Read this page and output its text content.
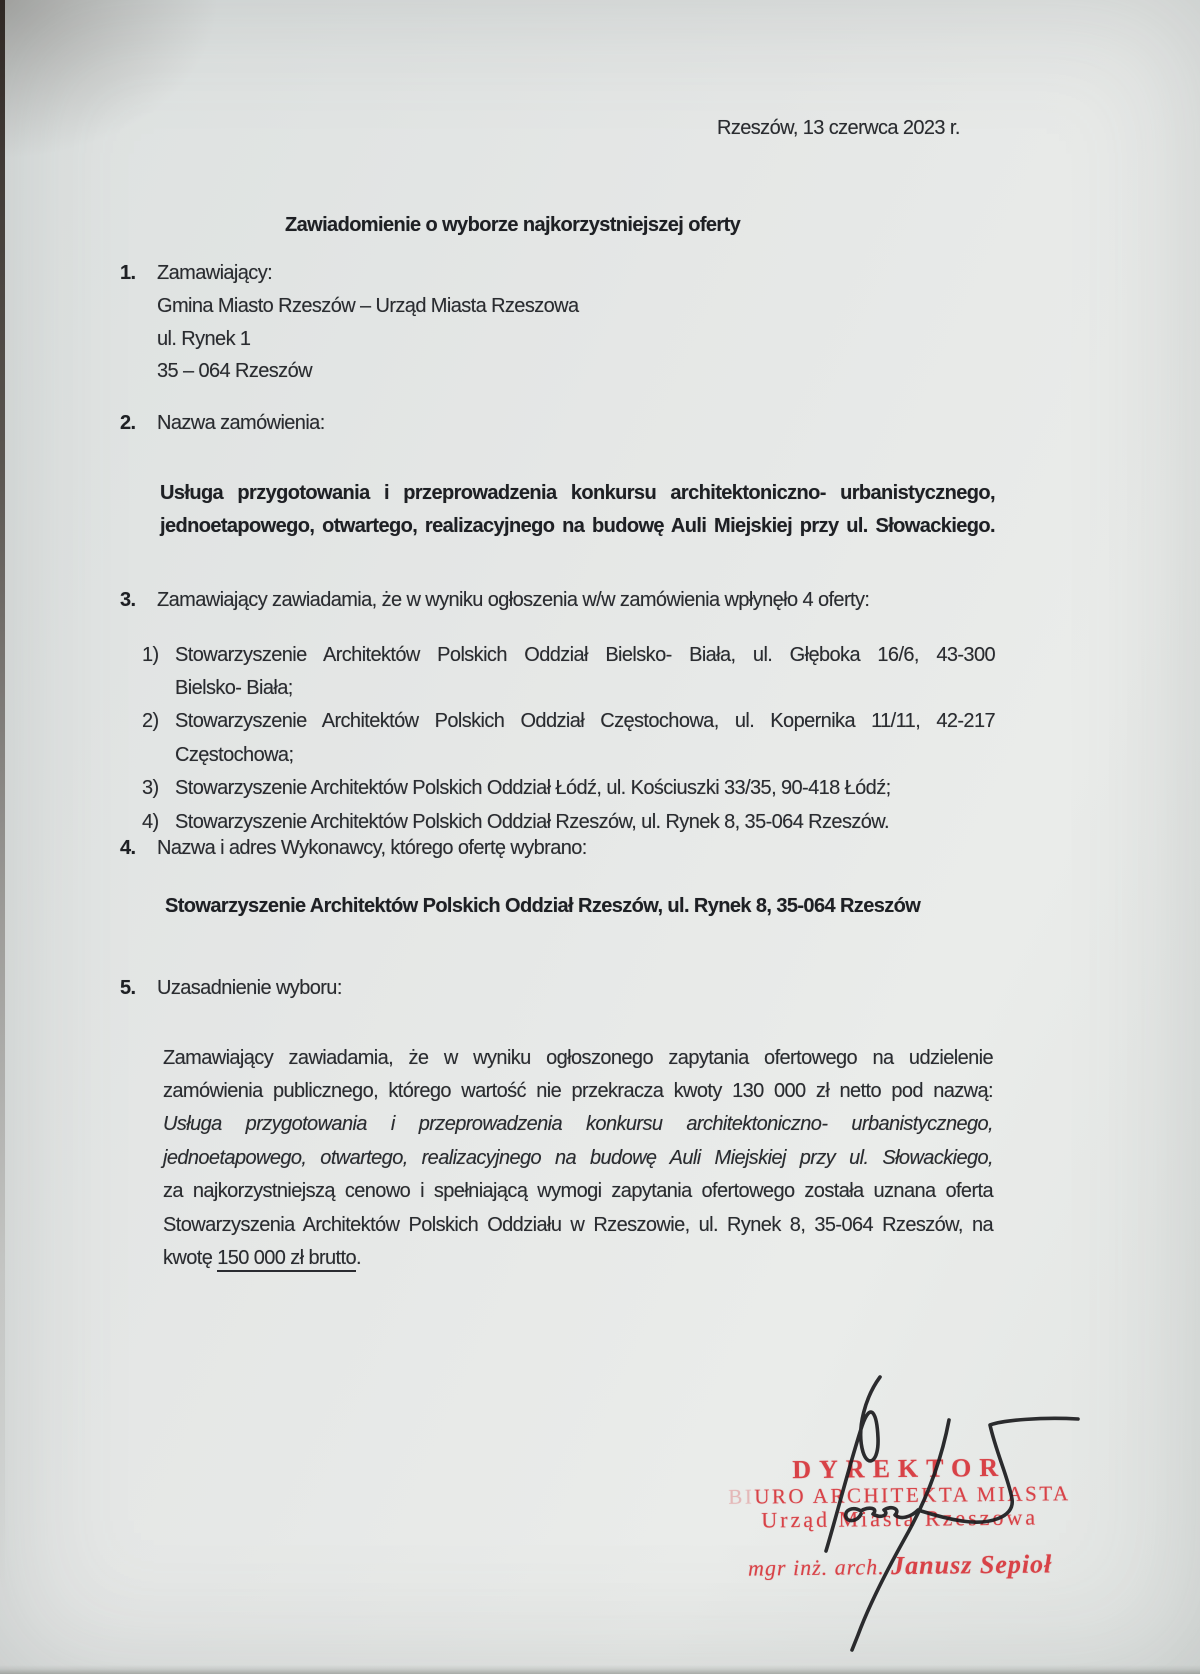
Rzeszów, 13 czerwca 2023 r.
Zawiadomienie o wyborze najkorzystniejszej oferty
1. Zamawiający:
Gmina Miasto Rzeszów – Urząd Miasta Rzeszowa
ul. Rynek 1
35 – 064 Rzeszów
2. Nazwa zamówienia:
Usługa przygotowania i przeprowadzenia konkursu architektoniczno- urbanistycznego,
jednoetapowego, otwartego, realizacyjnego na budowę Auli Miejskiej przy ul. Słowackiego.
3. Zamawiający zawiadamia, że w wyniku ogłoszenia w/w zamówienia wpłynęło 4 oferty:
1) Stowarzyszenie Architektów Polskich Oddział Bielsko- Biała, ul. Głęboka 16/6, 43-300
Bielsko- Biała;
2) Stowarzyszenie Architektów Polskich Oddział Częstochowa, ul. Kopernika 11/11, 42-217
Częstochowa;
3) Stowarzyszenie Architektów Polskich Oddział Łódź, ul. Kościuszki 33/35, 90-418 Łódź;
4) Stowarzyszenie Architektów Polskich Oddział Rzeszów, ul. Rynek 8, 35-064 Rzeszów.
4. Nazwa i adres Wykonawcy, którego ofertę wybrano:
Stowarzyszenie Architektów Polskich Oddział Rzeszów, ul. Rynek 8, 35-064 Rzeszów
5. Uzasadnienie wyboru:
Zamawiający zawiadamia, że w wyniku ogłoszonego zapytania ofertowego na udzielenie
zamówienia publicznego, którego wartość nie przekracza kwoty 130 000 zł netto pod nazwą:
Usługa przygotowania i przeprowadzenia konkursu architektoniczno- urbanistycznego,
jednoetapowego, otwartego, realizacyjnego na budowę Auli Miejskiej przy ul. Słowackiego,
za najkorzystniejszą cenowo i spełniającą wymogi zapytania ofertowego została uznana oferta
Stowarzyszenia Architektów Polskich Oddziału w Rzeszowie, ul. Rynek 8, 35-064 Rzeszów, na
kwotę 150 000 zł brutto.
DYREKTOR
BIURO ARCHITEKTA MIASTA
Urząd Miasta Rzeszowa
mgr inż. arch. Janusz Sepioł
